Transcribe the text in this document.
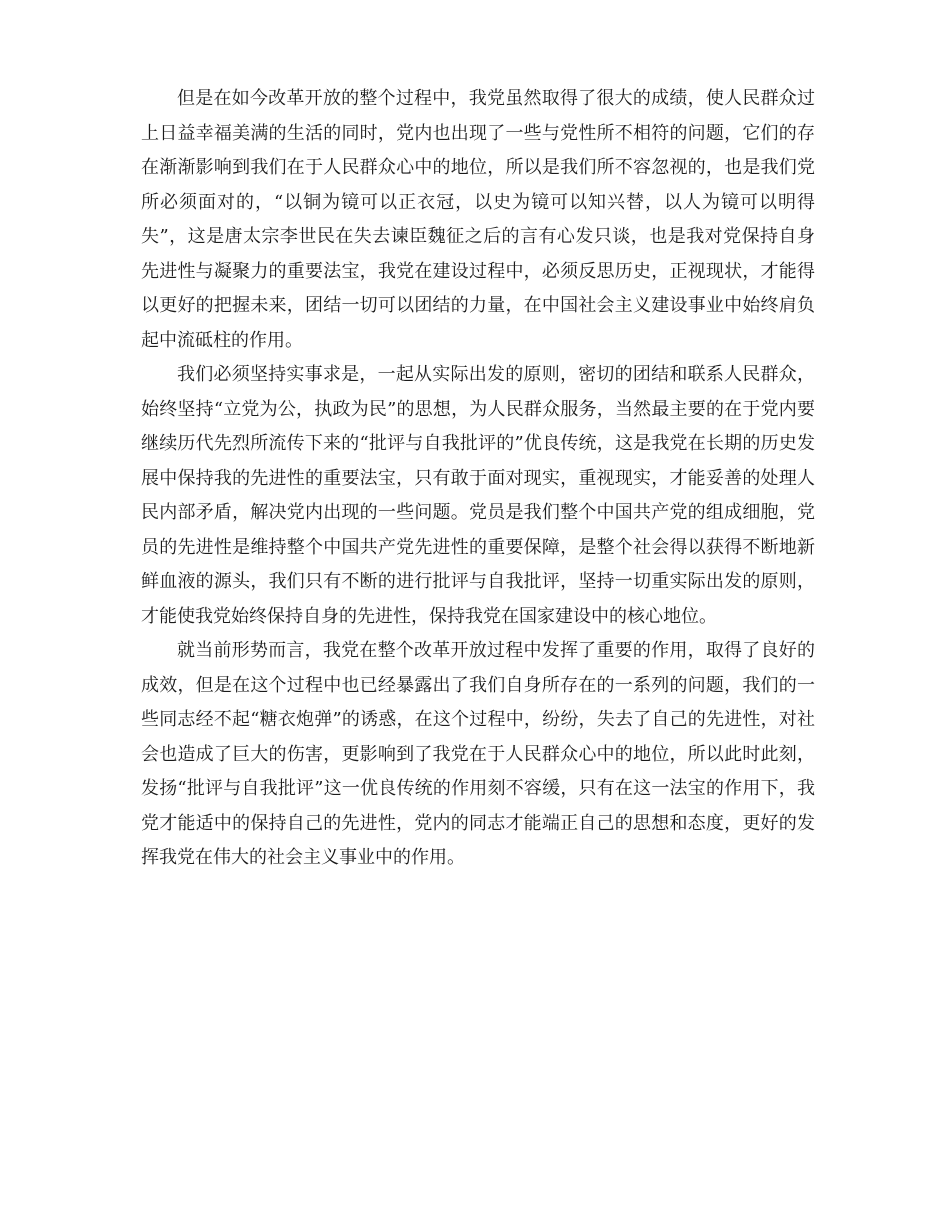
但是在如今改革开放的整个过程中，我党虽然取得了很大的成绩，使人民群众过上日益幸福美满的生活的同时，党内也出现了一些与党性所不相符的问题，它们的存在渐渐影响到我们在于人民群众心中的地位，所以是我们所不容忽视的，也是我们党所必须面对的，“以铜为镜可以正衣冠，以史为镜可以知兴替，以人为镜可以明得失”，这是唐太宗李世民在失去谏臣魏征之后的言有心发只谈，也是我对党保持自身先进性与凝聚力的重要法宝，我党在建设过程中，必须反思历史，正视现状，才能得以更好的把握未来，团结一切可以团结的力量，在中国社会主义建设事业中始终肩负起中流砥柱的作用。

我们必须坚持实事求是，一起从实际出发的原则，密切的团结和联系人民群众，始终坚持“立党为公，执政为民”的思想，为人民群众服务，当然最主要的在于党内要继续历代先烈所流传下来的“批评与自我批评的”优良传统，这是我党在长期的历史发展中保持我的先进性的重要法宝，只有敢于面对现实，重视现实，才能妥善的处理人民内部矛盾，解决党内出现的一些问题。党员是我们整个中国共产党的组成细胞，党员的先进性是维持整个中国共产党先进性的重要保障，是整个社会得以获得不断地新鲜血液的源头，我们只有不断的进行批评与自我批评，坚持一切重实际出发的原则，才能使我党始终保持自身的先进性，保持我党在国家建设中的核心地位。

就当前形势而言，我党在整个改革开放过程中发挥了重要的作用，取得了良好的成效，但是在这个过程中也已经暴露出了我们自身所存在的一系列的问题，我们的一些同志经不起“糖衣炮弹”的诱惑，在这个过程中，纷纷，失去了自己的先进性，对社会也造成了巨大的伤害，更影响到了我党在于人民群众心中的地位，所以此时此刻，发扬“批评与自我批评”这一优良传统的作用刻不容缓，只有在这一法宝的作用下，我党才能适中的保持自己的先进性，党内的同志才能端正自己的思想和态度，更好的发挥我党在伟大的社会主义事业中的作用。
